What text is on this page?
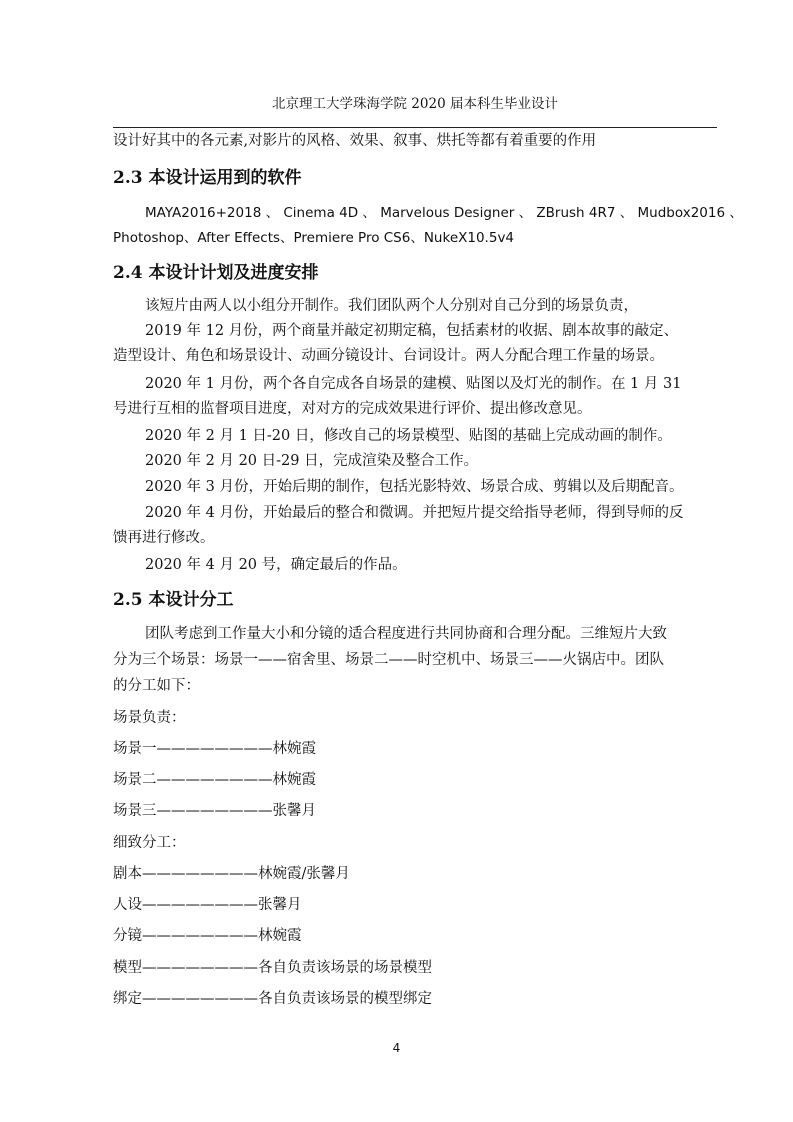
北京理工大学珠海学院 2020 届本科生毕业设计
设计好其中的各元素,对影片的风格、效果、叙事、烘托等都有着重要的作用
2.3 本设计运用到的软件
MAYA2016+2018 、 Cinema 4D 、 Marvelous Designer 、 ZBrush 4R7 、 Mudbox2016 、
Photoshop、After Effects、Premiere Pro CS6、NukeX10.5v4
2.4 本设计计划及进度安排
该短片由两人以小组分开制作。我们团队两个人分别对自己分到的场景负责，
2019 年 12 月份，两个商量并敲定初期定稿，包括素材的收据、剧本故事的敲定、
造型设计、角色和场景设计、动画分镜设计、台词设计。两人分配合理工作量的场景。
2020 年 1 月份，两个各自完成各自场景的建模、贴图以及灯光的制作。在 1 月 31
号进行互相的监督项目进度，对对方的完成效果进行评价、提出修改意见。
2020 年 2 月 1 日-20 日，修改自己的场景模型、贴图的基础上完成动画的制作。
2020 年 2 月 20 日-29 日，完成渲染及整合工作。
2020 年 3 月份，开始后期的制作，包括光影特效、场景合成、剪辑以及后期配音。
2020 年 4 月份，开始最后的整合和微调。并把短片提交给指导老师，得到导师的反
馈再进行修改。
2020 年 4 月 20 号，确定最后的作品。
2.5 本设计分工
团队考虑到工作量大小和分镜的适合程度进行共同协商和合理分配。三维短片大致
分为三个场景：场景一——宿舍里、场景二——时空机中、场景三——火锅店中。团队
的分工如下：
场景负责：
场景一————————林婉霞
场景二————————林婉霞
场景三————————张馨月
细致分工：
剧本————————林婉霞/张馨月
人设————————张馨月
分镜————————林婉霞
模型————————各自负责该场景的场景模型
绑定————————各自负责该场景的模型绑定
4
